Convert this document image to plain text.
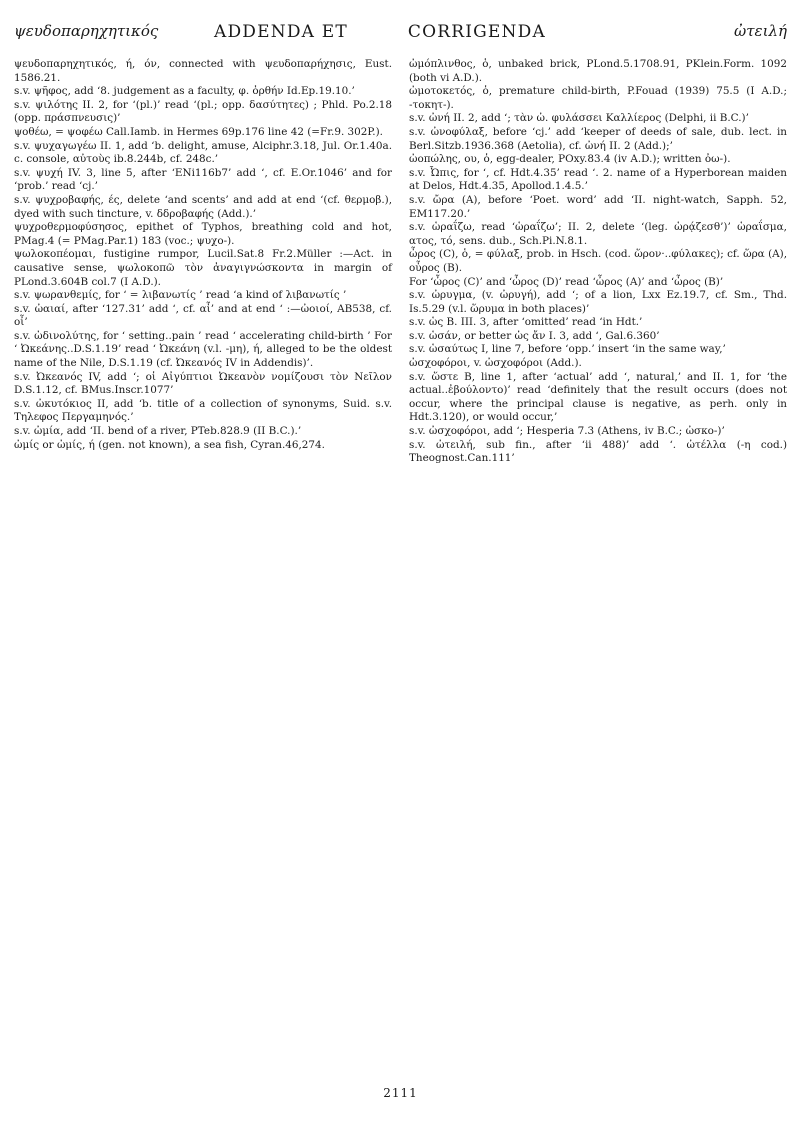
ψευδοπαρηχητικός	ADDENDA ET	CORRIGENDA	ὠτειλή

ψευδοπαρηχητικός, ή, όν, connected with ψευδοπαρήχησις, Eust. 1586.21.

s.v. ψῆφος, add ‘8. judgement as a faculty, φ. ὀρθήν Id.Ep.19.10.’

s.v. ψιλότης II. 2, for ‘(pl.)’ read ‘(pl.; opp. δασύτητες) ; Phld. Po.2.18 (opp. πράσπνευσις)’

ψοθέω, = ψοφέω Call.Iamb. in Hermes 69p.176 line 42 (=Fr.9. 302P.).

s.v. ψυχαγωγέω II. 1, add ‘b. delight, amuse, Alciphr.3.18, Jul. Or.1.40a. c. console, αὐτοὺς ib.8.244b, cf. 248c.’

s.v. ψυχή IV. 3, line 5, after ‘ENi116b7’ add ‘, cf. E.Or.1046’ and for ‘prob.’ read ‘cj.’

s.v. ψυχροβαφής, ές, delete ‘and scents’ and add at end ‘(cf. θερμοβ.), dyed with such tincture, v. δδροβαφής (Add.).’

ψυχροθερμοφύσησος, epithet of Typhos, breathing cold and hot, PMag.4 (= PMag.Par.1) 183 (voc.; ψυχο-).

ψωλοκοπέομαι, fustigine rumpor, Lucil.Sat.8 Fr.2.Müller :—Act. in causative sense, ψωλοκοπῶ τὸν ἀναγιγνώσκοντα in margin of PLond.3.604B col.7 (I A.D.).

s.v. ψωρανθεμίς, for ‘ = λιβανωτίς ’ read ‘a kind of λιβανωτίς ’

s.v. ὠαιαί, after ‘127.31’ add ‘, cf. αἶ’ and at end ‘ :—ὠοιοί, AB538, cf. οἶ’

s.v. ὠδινολύτης, for ‘ setting..pain ’ read ‘ accelerating child-birth ’ For ‘ Ὠκεάνης..D.S.1.19’ read ‘ Ὠκεάνη (v.l. -μη), ή, alleged to be the oldest name of the Nile, D.S.1.19 (cf. Ὠκεανός IV in Addendis)’.

s.v. Ὠκεανός IV, add ‘; οἱ Αἰγύπτιοι Ὠκεανὸν νομίζουσι τὸν Νεῖλον D.S.1.12, cf. BMus.Inscr.1077’

s.v. ὠκυτόκιος II, add ‘b. title of a collection of synonyms, Suid. s.v. Τηλεφος Περγαμηνός.’

s.v. ὠμία, add ‘II. bend of a river, PTeb.828.9 (II B.C.).’

ὠμίς or ὠμίς, ή (gen. not known), a sea fish, Cyran.46,274.

ὠμόπλινθος, ὁ, unbaked brick, PLond.5.1708.91, PKlein.Form. 1092 (both vi A.D.).

ὠμοτοκετός, ὁ, premature child-birth, P.Fouad (1939) 75.5 (I A.D.; -τοκητ-).

s.v. ὠνή II. 2, add ‘; τὰν ὠ. φυλάσσει Καλλίερος (Delphi, ii B.C.)’

s.v. ὠνοφύλαξ, before ‘cj.’ add ‘keeper of deeds of sale, dub. lect. in Berl.Sitzb.1936.368 (Aetolia), cf. ὠνή II. 2 (Add.);’

ὠοπώλης, ου, ὁ, egg-dealer, POxy.83.4 (iv A.D.); written ὀω-).

s.v. Ὦπις, for ‘, cf. Hdt.4.35’ read ‘. 2. name of a Hyperborean maiden at Delos, Hdt.4.35, Apollod.1.4.5.’

s.v. ὤρα (A), before ‘Poet. word’ add ‘II. night-watch, Sapph. 52, EM117.20.’

s.v. ὡραΐζω, read ‘ὡραΐζω’; II. 2, delete ‘(leg. ὡρᾴζεσθ’)’ ὡραΐσμα, ατος, τό, sens. dub., Sch.Pi.N.8.1.

ὦρος (C), ὁ, = φύλαξ, prob. in Hsch. (cod. ὥρον·..φύλακες); cf. ὥρα (A), οὖρος (B).

For ‘ὦρος (C)’ and ‘ὦρος (D)’ read ‘ὦρος (A)’ and ‘ὦρος (B)’

s.v. ὠρυγμα, (v. ὠρυγή), add ‘; of a lion, Lxx Ez.19.7, cf. Sm., Thd. Is.5.29 (v.l. ὥρυμα in both places)’

s.v. ὡς B. III. 3, after ‘omitted’ read ‘in Hdt.’

s.v. ὡσάν, or better ὡς ἄν I. 3, add ‘, Gal.6.360’

s.v. ὡσαύτως I, line 7, before ‘opp.’ insert ‘in the same way,’

ὠσχοφόροι, v. ὠσχοφόροι (Add.).

s.v. ὥστε B, line 1, after ‘actual’ add ‘, natural,’ and II. 1, for ‘the actual..ἐβούλοντο)’ read ‘definitely that the result occurs (does not occur, where the principal clause is negative, as perh. only in Hdt.3.120), or would occur,’

s.v. ὠσχοφόροι, add ‘; Hesperia 7.3 (Athens, iv B.C.; ὠσκο-)’

s.v. ὠτειλή, sub fin., after ‘ii 488)’ add ‘. ὠτέλλα (-η cod.) Theognost.Can.111’

2111
